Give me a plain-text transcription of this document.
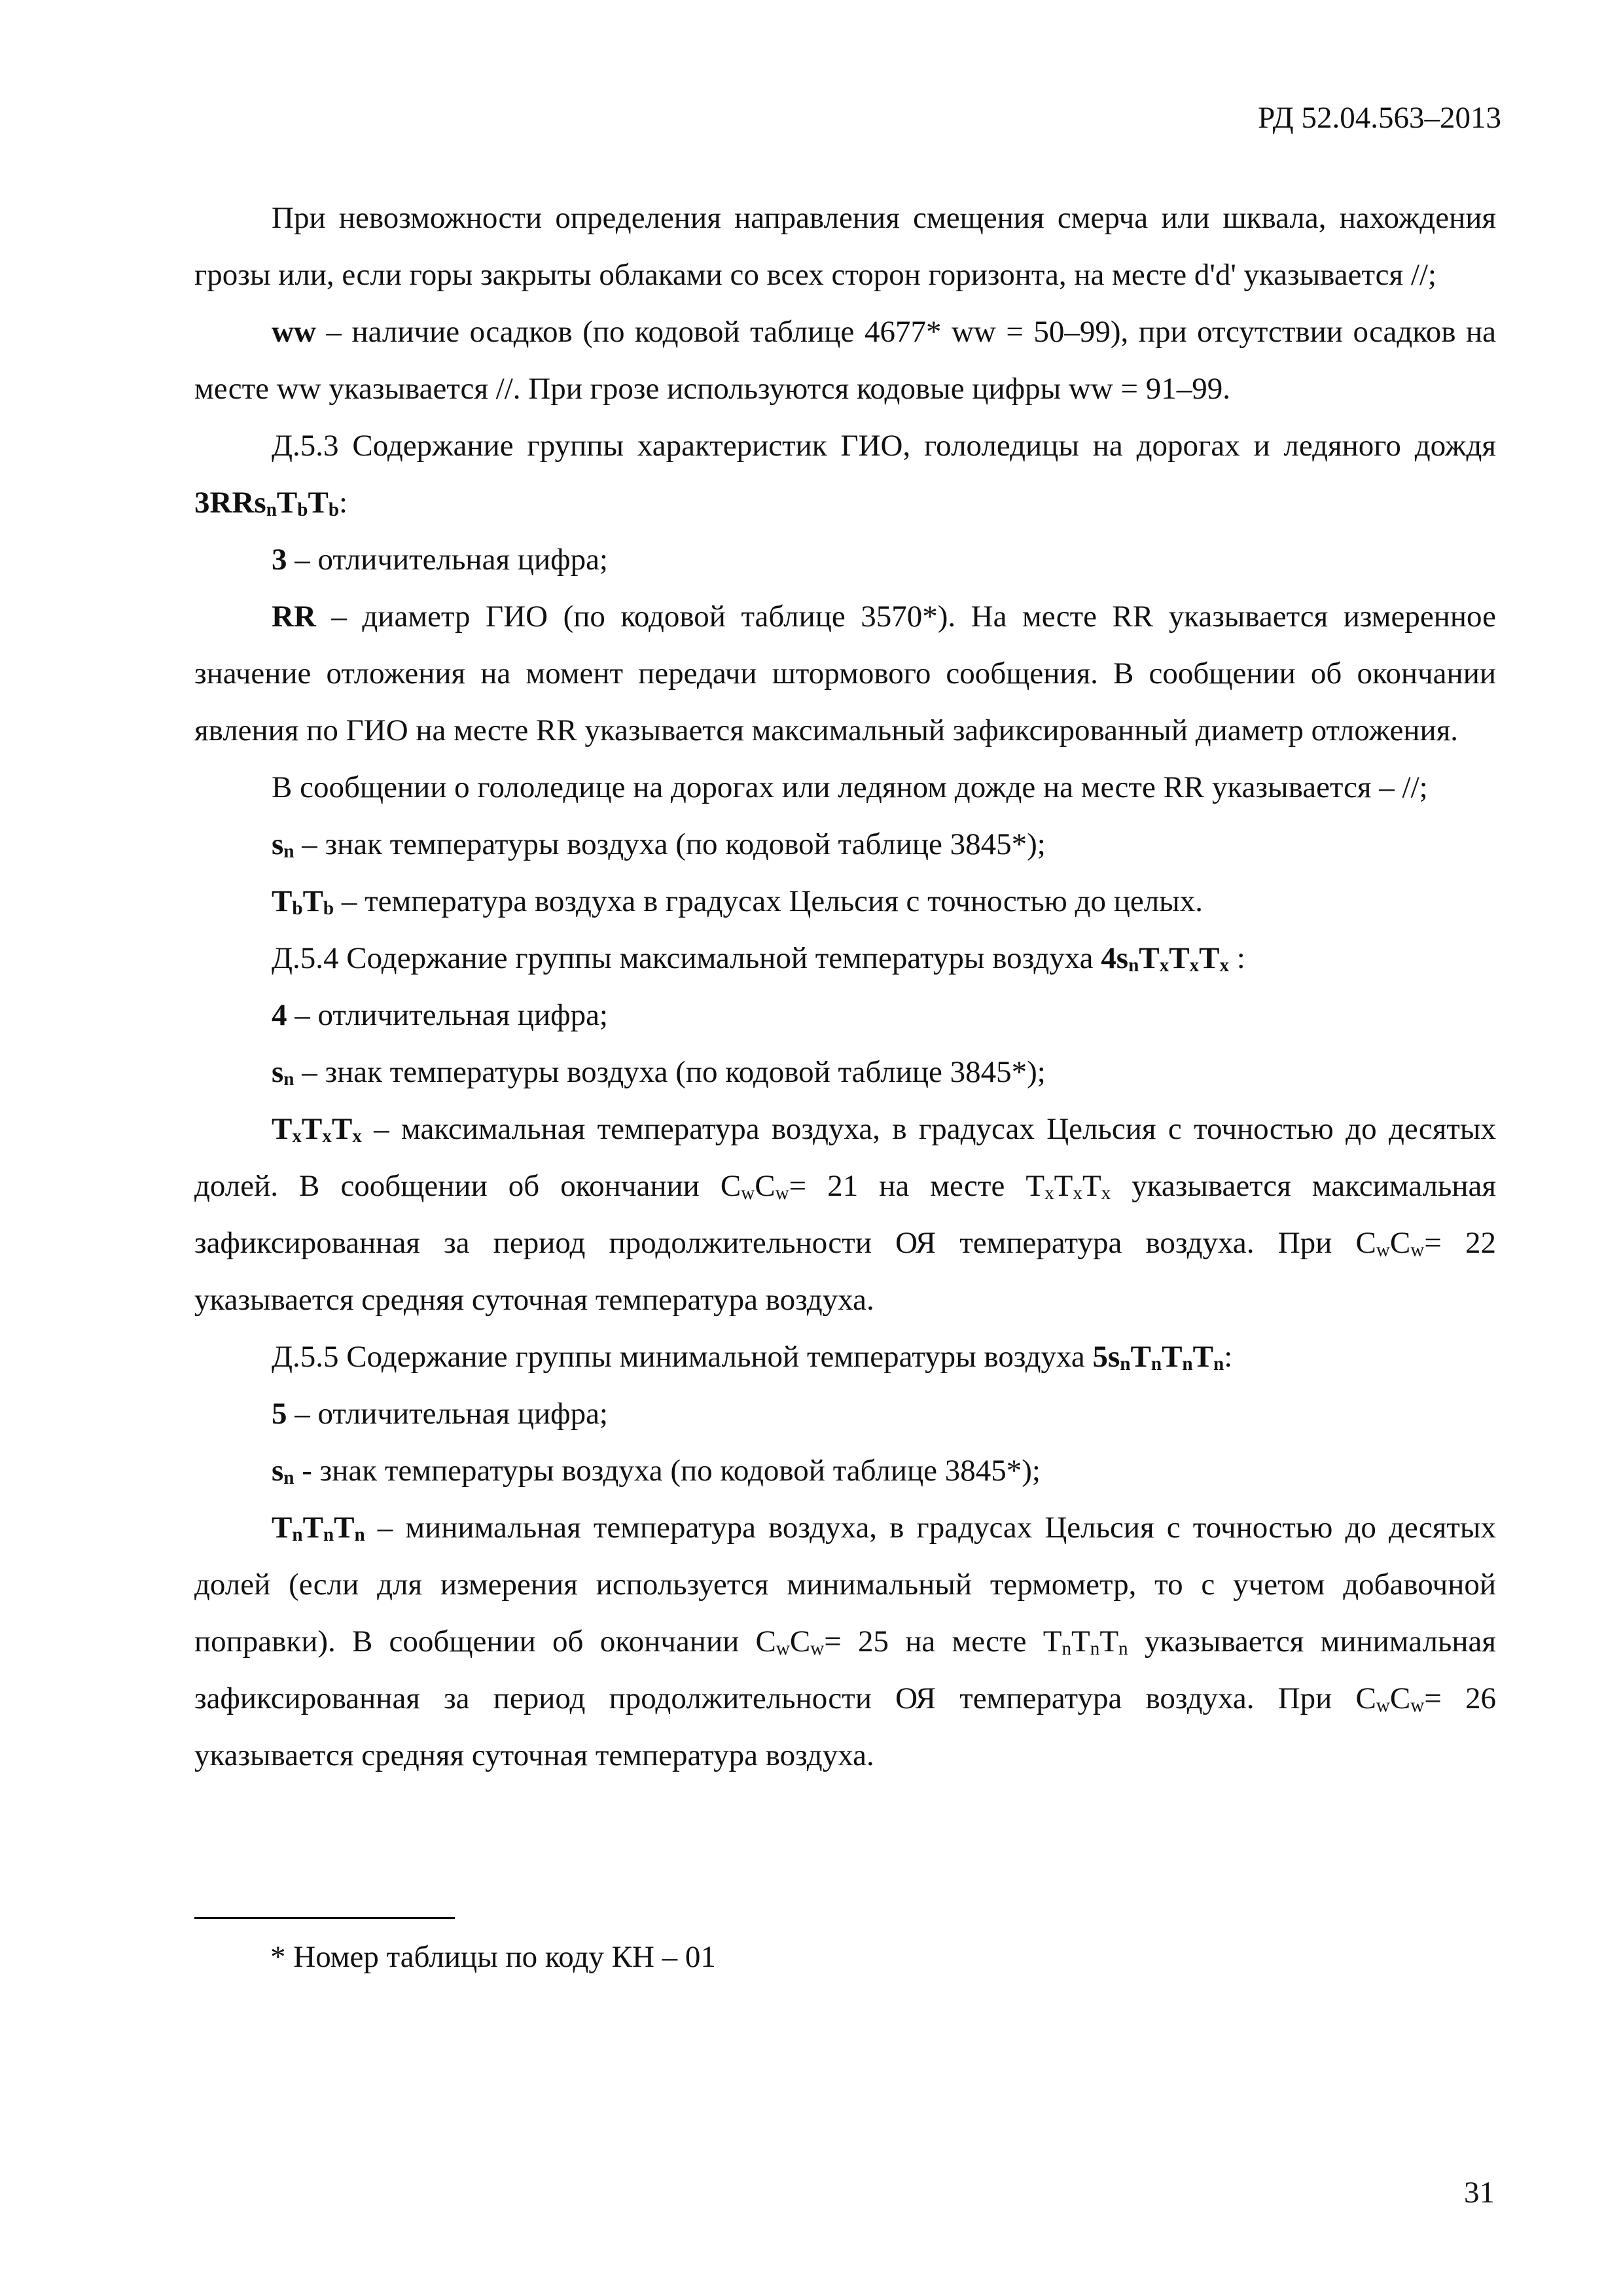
РД 52.04.563–2013

При невозможности определения направления смещения смерча или шквала, нахождения грозы или, если горы закрыты облаками со всех сторон горизонта, на месте d'd' указывается //;

ww – наличие осадков (по кодовой таблице 4677* ww = 50–99), при отсутствии осадков на месте ww указывается //. При грозе используются кодовые цифры ww = 91–99.

Д.5.3 Содержание группы характеристик ГИО, гололедицы на дорогах и ледяного дождя 3RRsnTbTb:

3 – отличительная цифра;

RR – диаметр ГИО (по кодовой таблице 3570*). На месте RR указывается измеренное значение отложения на момент передачи штормового сообщения. В сообщении об окончании явления по ГИО на месте RR указывается максимальный зафиксированный диаметр отложения.

В сообщении о гололедице на дорогах или ледяном дожде на месте RR указывается – //;

sn – знак температуры воздуха (по кодовой таблице 3845*);

TbTb – температура воздуха в градусах Цельсия с точностью до целых.

Д.5.4 Содержание группы максимальной температуры воздуха 4snTxTxTx :

4 – отличительная цифра;

sn – знак температуры воздуха (по кодовой таблице 3845*);

TxTxTx – максимальная температура воздуха, в градусах Цельсия с точностью до десятых долей. В сообщении об окончании CwCw= 21 на месте TxTxTx указывается максимальная зафиксированная за период продолжительности ОЯ температура воздуха. При CwCw= 22 указывается средняя суточная температура воздуха.

Д.5.5 Содержание группы минимальной температуры воздуха 5snTnTnTn:

5 – отличительная цифра;

sn - знак температуры воздуха (по кодовой таблице 3845*);

TnTnTn – минимальная температура воздуха, в градусах Цельсия с точностью до десятых долей (если для измерения используется минимальный термометр, то с учетом добавочной поправки). В сообщении об окончании CwCw= 25 на месте TnTnTn указывается минимальная зафиксированная за период продолжительности ОЯ температура воздуха. При CwCw= 26 указывается средняя суточная температура воздуха.

* Номер таблицы по коду КН – 01
31
